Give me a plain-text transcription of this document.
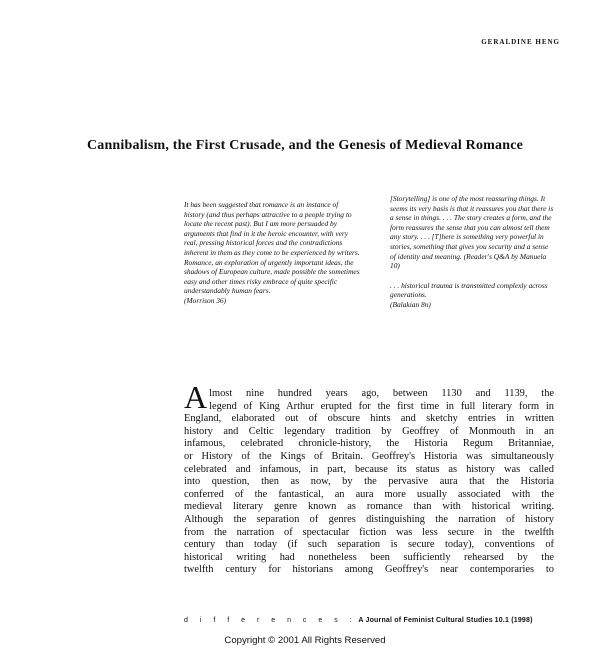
GERALDINE HENG
Cannibalism, the First Crusade, and the Genesis of Medieval Romance

It has been suggested that romance is an instance of history (and thus perhaps attractive to a people trying to locate the recent past). But I am more persuaded by arguments that find in it the heroic encounter, with very real, pressing historical forces and the contradictions inherent in them as they come to be experienced by writers. Romance, an exploration of urgently important ideas, the shadows of European culture, made possible the sometimes easy and other times risky embrace of quite specific understandably human fears.

(Morrison 36)

[Storytelling] is one of the most reassuring things. It seems its very basis is that it reassures you that there is a sense in things. . . . The story creates a form, and the form reassures the sense that you can almost tell them any story. . . . [T]here is something very powerful in stories, something that gives you security and a sense of identity and meaning. (Reader's Q&A by Manuela 10)

. . . historical trauma is transmitted complexly across generations.

(Balakian 8n)

A lmost nine hundred years ago, between 1130 and 1139, the
legend of King Arthur erupted for the first time in full literary form in
England, elaborated out of obscure hints and sketchy entries in written
history and Celtic legendary tradition by Geoffrey of Monmouth in an
infamous, celebrated chronicle-history, the Historia Regum Britanniae,
or History of the Kings of Britain. Geoffrey's Historia was simultaneously
celebrated and infamous, in part, because its status as history was called
into question, then as now, by the pervasive aura that the Historia
conferred of the fantastical, an aura more usually associated with the
medieval literary genre known as romance than with historical writing.
Although the separation of genres distinguishing the narration of history
from the narration of spectacular fiction was less secure in the twelfth
century than today (if such separation is secure today), conventions of
historical writing had nonetheless been sufficiently rehearsed by the
twelfth century for historians among Geoffrey's near contemporaries to
d i f f e r e n c e s : A Journal of Feminist Cultural Studies 10.1 (1998)
Copyright © 2001 All Rights Reserved
